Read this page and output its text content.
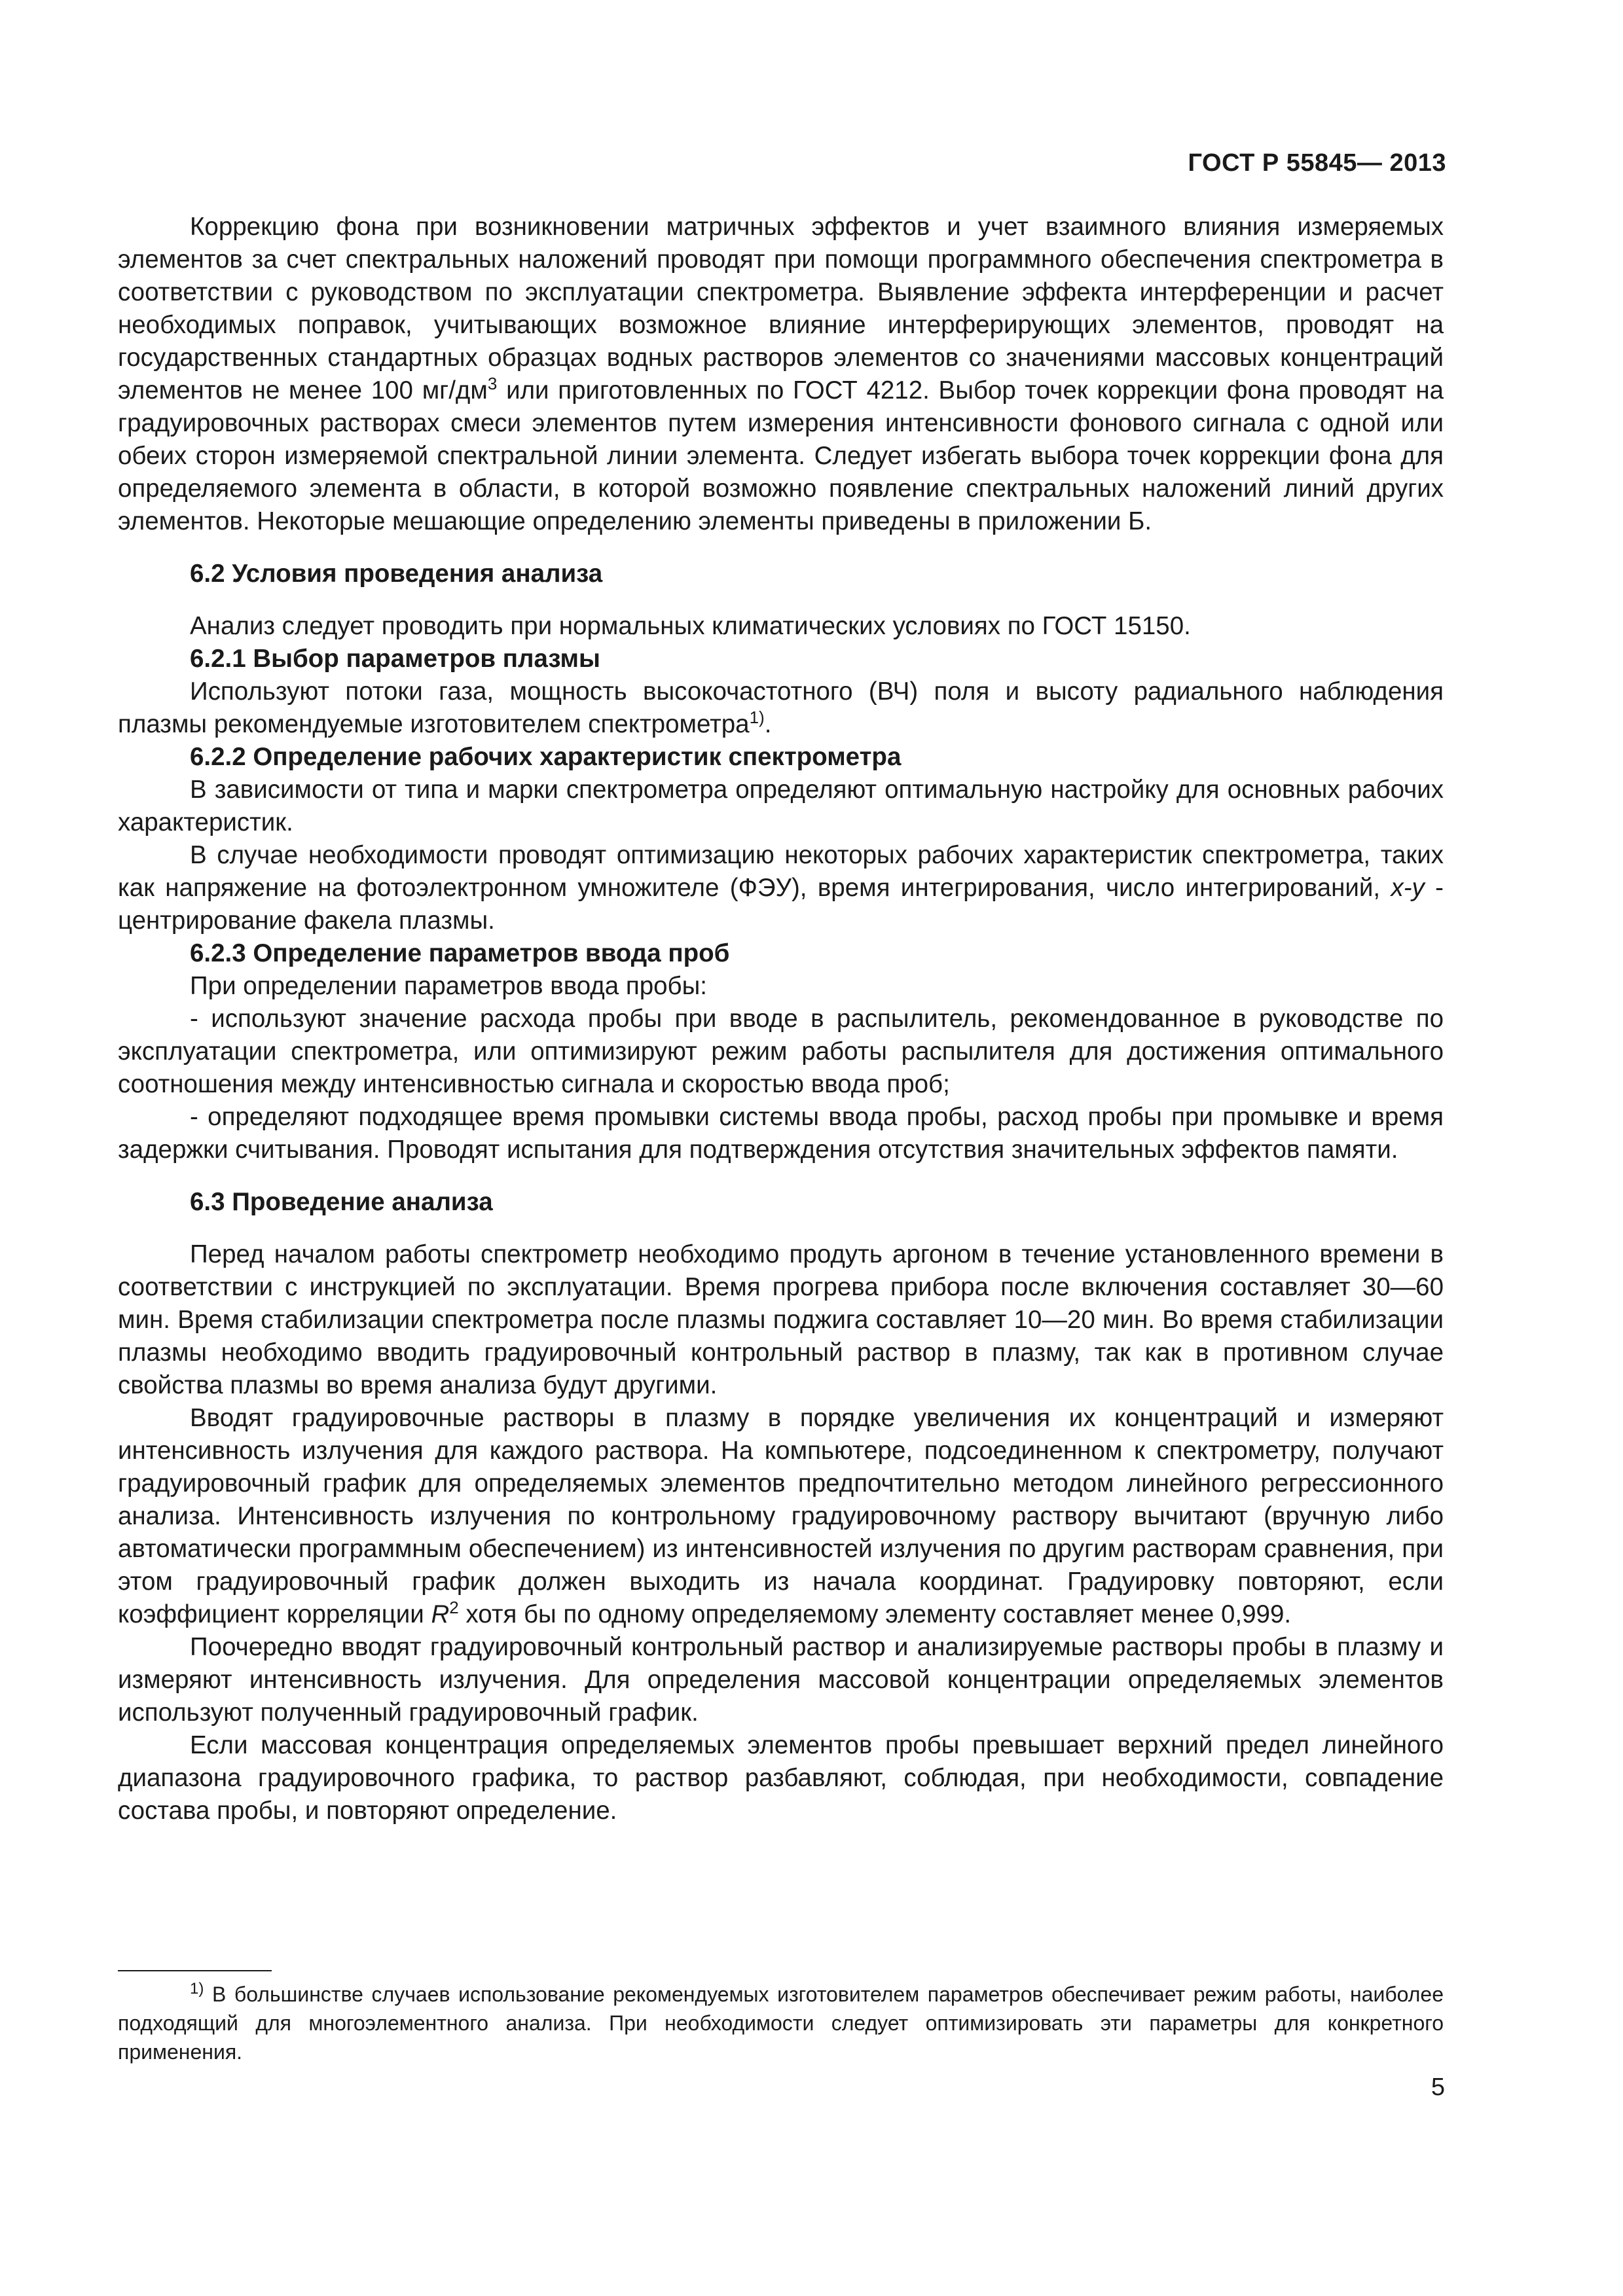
ГОСТ Р 55845— 2013

Коррекцию фона при возникновении матричных эффектов и учет взаимного влияния измеряемых элементов за счет спектральных наложений проводят при помощи программного обеспечения спектрометра в соответствии с руководством по эксплуатации спектрометра. Выявление эффекта интерференции и расчет необходимых поправок, учитывающих возможное влияние интерферирующих элементов, проводят на государственных стандартных образцах водных растворов элементов со значениями массовых концентраций элементов не менее 100 $мг/дм^3$ или приготовленных по ГОСТ 4212. Выбор точек коррекции фона проводят на градуировочных растворах смеси элементов путем измерения интенсивности фонового сигнала с одной или обеих сторон измеряемой спектральной линии элемента. Следует избегать выбора точек коррекции фона для определяемого элемента в области, в которой возможно появление спектральных наложений линий других элементов. Некоторые мешающие определению элементы приведены в приложении Б.

6.2 Условия проведения анализа

Анализ следует проводить при нормальных климатических условиях по ГОСТ 15150.

6.2.1 Выбор параметров плазмы

Используют потоки газа, мощность высокочастотного (ВЧ) поля и высоту радиального наблюдения плазмы рекомендуемые изготовителем спектрометра$^{1)}$.

6.2.2 Определение рабочих характеристик спектрометра

В зависимости от типа и марки спектрометра определяют оптимальную настройку для основных рабочих характеристик.

В случае необходимости проводят оптимизацию некоторых рабочих характеристик спектрометра, таких как напряжение на фотоэлектронном умножителе (ФЭУ), время интегрирования, число интегрирований, x-y - центрирование факела плазмы.

6.2.3 Определение параметров ввода проб

При определении параметров ввода пробы:

- используют значение расхода пробы при вводе в распылитель, рекомендованное в руководстве по эксплуатации спектрометра, или оптимизируют режим работы распылителя для достижения оптимального соотношения между интенсивностью сигнала и скоростью ввода проб;

- определяют подходящее время промывки системы ввода пробы, расход пробы при промывке и время задержки считывания. Проводят испытания для подтверждения отсутствия значительных эффектов памяти.

6.3 Проведение анализа

Перед началом работы спектрометр необходимо продуть аргоном в течение установленного времени в соответствии с инструкцией по эксплуатации. Время прогрева прибора после включения составляет 30—60 мин. Время стабилизации спектрометра после плазмы поджига составляет 10—20 мин. Во время стабилизации плазмы необходимо вводить градуировочный контрольный раствор в плазму, так как в противном случае свойства плазмы во время анализа будут другими.

Вводят градуировочные растворы в плазму в порядке увеличения их концентраций и измеряют интенсивность излучения для каждого раствора. На компьютере, подсоединенном к спектрометру, получают градуировочный график для определяемых элементов предпочтительно методом линейного регрессионного анализа. Интенсивность излучения по контрольному градуировочному раствору вычитают (вручную либо автоматически программным обеспечением) из интенсивностей излучения по другим растворам сравнения, при этом градуировочный график должен выходить из начала координат. Градуировку повторяют, если коэффициент корреляции $R^2$ хотя бы по одному определяемому элементу составляет менее 0,999.

Поочередно вводят градуировочный контрольный раствор и анализируемые растворы пробы в плазму и измеряют интенсивность излучения. Для определения массовой концентрации определяемых элементов используют полученный градуировочный график.

Если массовая концентрация определяемых элементов пробы превышает верхний предел линейного диапазона градуировочного графика, то раствор разбавляют, соблюдая, при необходимости, совпадение состава пробы, и повторяют определение.

$^{1)}$ В большинстве случаев использование рекомендуемых изготовителем параметров обеспечивает режим работы, наиболее подходящий для многоэлементного анализа. При необходимости следует оптимизировать эти параметры для конкретного применения.
5
